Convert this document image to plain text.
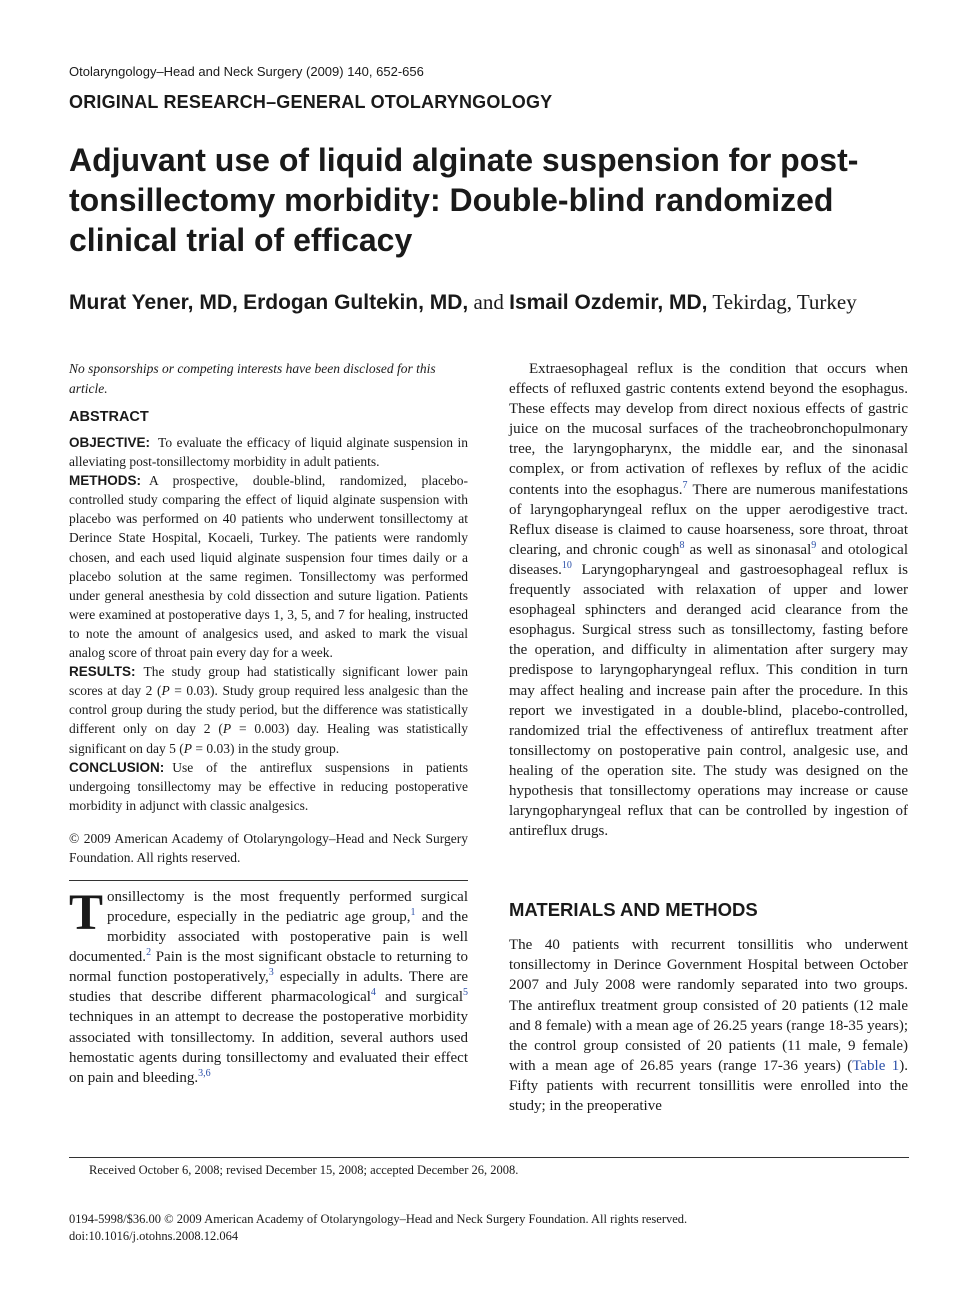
Otolaryngology–Head and Neck Surgery (2009) 140, 652-656
ORIGINAL RESEARCH–GENERAL OTOLARYNGOLOGY
Adjuvant use of liquid alginate suspension for post-tonsillectomy morbidity: Double-blind randomized clinical trial of efficacy
Murat Yener, MD, Erdogan Gultekin, MD, and Ismail Ozdemir, MD, Tekirdag, Turkey

No sponsorships or competing interests have been disclosed for this article.

ABSTRACT

OBJECTIVE: To evaluate the efficacy of liquid alginate suspension in alleviating post-tonsillectomy morbidity in adult patients.

METHODS: A prospective, double-blind, randomized, placebo-controlled study comparing the effect of liquid alginate suspension with placebo was performed on 40 patients who underwent tonsillectomy at Derince State Hospital, Kocaeli, Turkey. The patients were randomly chosen, and each used liquid alginate suspension four times daily or a placebo solution at the same regimen. Tonsillectomy was performed under general anesthesia by cold dissection and suture ligation. Patients were examined at postoperative days 1, 3, 5, and 7 for healing, instructed to note the amount of analgesics used, and asked to mark the visual analog score of throat pain every day for a week.

RESULTS: The study group had statistically significant lower pain scores at day 2 (P = 0.03). Study group required less analgesic than the control group during the study period, but the difference was statistically different only on day 2 (P = 0.003) day. Healing was statistically significant on day 5 (P = 0.03) in the study group.

CONCLUSION: Use of the antireflux suspensions in patients undergoing tonsillectomy may be effective in reducing postoperative morbidity in adjunct with classic analgesics.

© 2009 American Academy of Otolaryngology–Head and Neck Surgery Foundation. All rights reserved.

Tonsillectomy is the most frequently performed surgical procedure, especially in the pediatric age group,$^1$ and the morbidity associated with postoperative pain is well documented.$^2$ Pain is the most significant obstacle to returning to normal function postoperatively,$^3$ especially in adults. There are studies that describe different pharmacological$^4$ and surgical$^5$ techniques in an attempt to decrease the postoperative morbidity associated with tonsillectomy. In addition, several authors used hemostatic agents during tonsillectomy and evaluated their effect on pain and bleeding.$^{3,6}$

Extraesophageal reflux is the condition that occurs when effects of refluxed gastric contents extend beyond the esophagus. These effects may develop from direct noxious effects of gastric juice on the mucosal surfaces of the tracheobronchopulmonary tree, the laryngopharynx, the middle ear, and the sinonasal complex, or from activation of reflexes by reflux of the acidic contents into the esophagus.$^7$ There are numerous manifestations of laryngopharyngeal reflux on the upper aerodigestive tract. Reflux disease is claimed to cause hoarseness, sore throat, throat clearing, and chronic cough$^8$ as well as sinonasal$^9$ and otological diseases.$^{10}$ Laryngopharyngeal and gastroesophageal reflux is frequently associated with relaxation of upper and lower esophageal sphincters and deranged acid clearance from the esophagus. Surgical stress such as tonsillectomy, fasting before the operation, and difficulty in alimentation after surgery may predispose to laryngopharyngeal reflux. This condition in turn may affect healing and increase pain after the procedure. In this report we investigated in a double-blind, placebo-controlled, randomized trial the effectiveness of antireflux treatment after tonsillectomy on postoperative pain control, analgesic use, and healing of the operation site. The study was designed on the hypothesis that tonsillectomy operations may increase or cause laryngopharyngeal reflux that can be controlled by ingestion of antireflux drugs.

MATERIALS AND METHODS

The 40 patients with recurrent tonsillitis who underwent tonsillectomy in Derince Government Hospital between October 2007 and July 2008 were randomly separated into two groups. The antireflux treatment group consisted of 20 patients (12 male and 8 female) with a mean age of 26.25 years (range 18-35 years); the control group consisted of 20 patients (11 male, 9 female) with a mean age of 26.85 years (range 17-36 years) (Table 1). Fifty patients with recurrent tonsillitis were enrolled into the study; in the preoperative

Received October 6, 2008; revised December 15, 2008; accepted December 26, 2008.
0194-5998/$36.00 © 2009 American Academy of Otolaryngology–Head and Neck Surgery Foundation. All rights reserved.
doi:10.1016/j.otohns.2008.12.064
